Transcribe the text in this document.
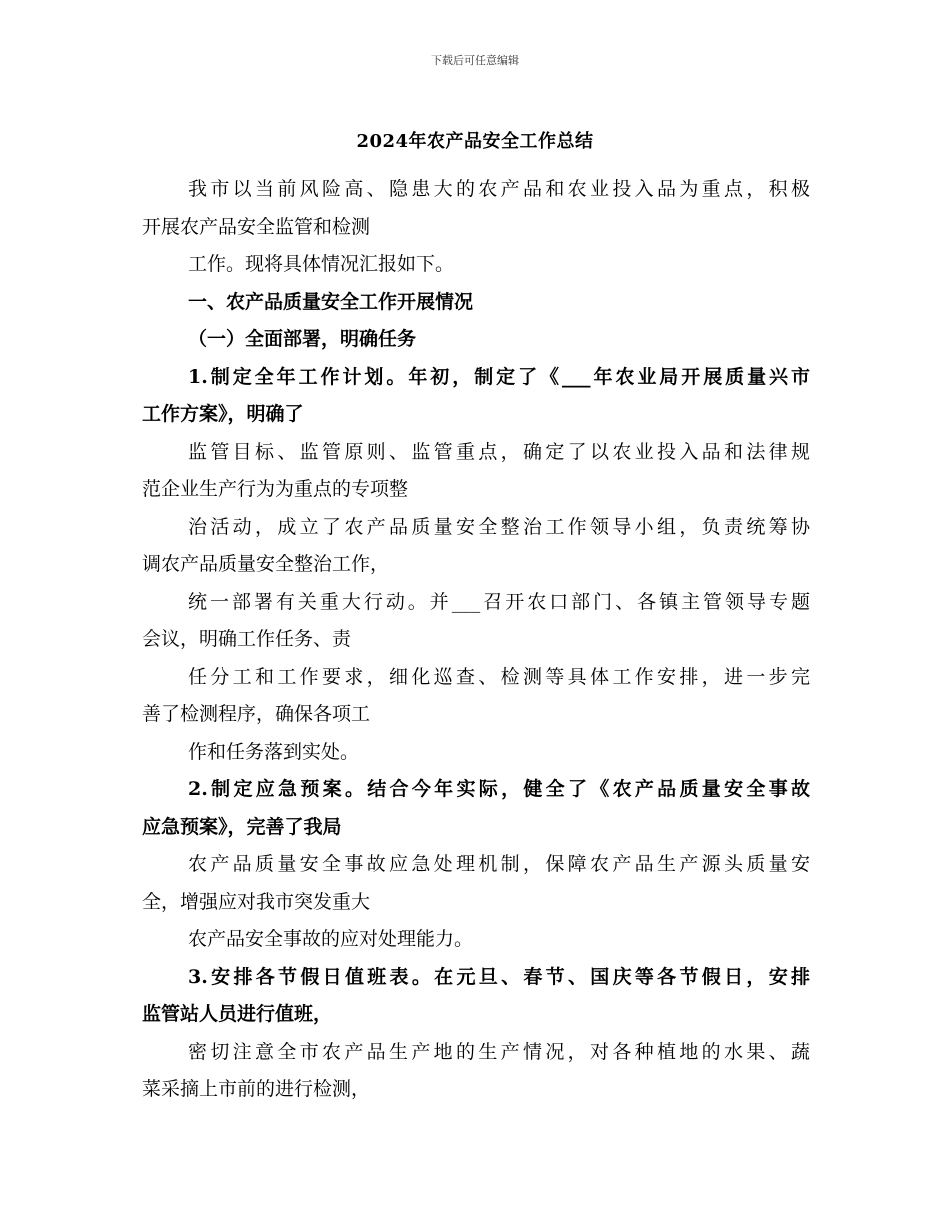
下载后可任意编辑
2024年农产品安全工作总结
我市以当前风险高、隐患大的农产品和农业投入品为重点，积极
开展农产品安全监管和检测
工作。现将具体情况汇报如下。
一、农产品质量安全工作开展情况
（一）全面部署，明确任务
1.制定全年工作计划。年初，制定了《___年农业局开展质量兴市
工作方案》，明确了
监管目标、监管原则、监管重点，确定了以农业投入品和法律规
范企业生产行为为重点的专项整
治活动，成立了农产品质量安全整治工作领导小组，负责统筹协
调农产品质量安全整治工作，
统一部署有关重大行动。并___召开农口部门、各镇主管领导专题
会议，明确工作任务、责
任分工和工作要求，细化巡查、检测等具体工作安排，进一步完
善了检测程序，确保各项工
作和任务落到实处。
2.制定应急预案。结合今年实际，健全了《农产品质量安全事故
应急预案》，完善了我局
农产品质量安全事故应急处理机制，保障农产品生产源头质量安
全，增强应对我市突发重大
农产品安全事故的应对处理能力。
3.安排各节假日值班表。在元旦、春节、国庆等各节假日，安排
监管站人员进行值班，
密切注意全市农产品生产地的生产情况，对各种植地的水果、蔬
菜采摘上市前的进行检测，
